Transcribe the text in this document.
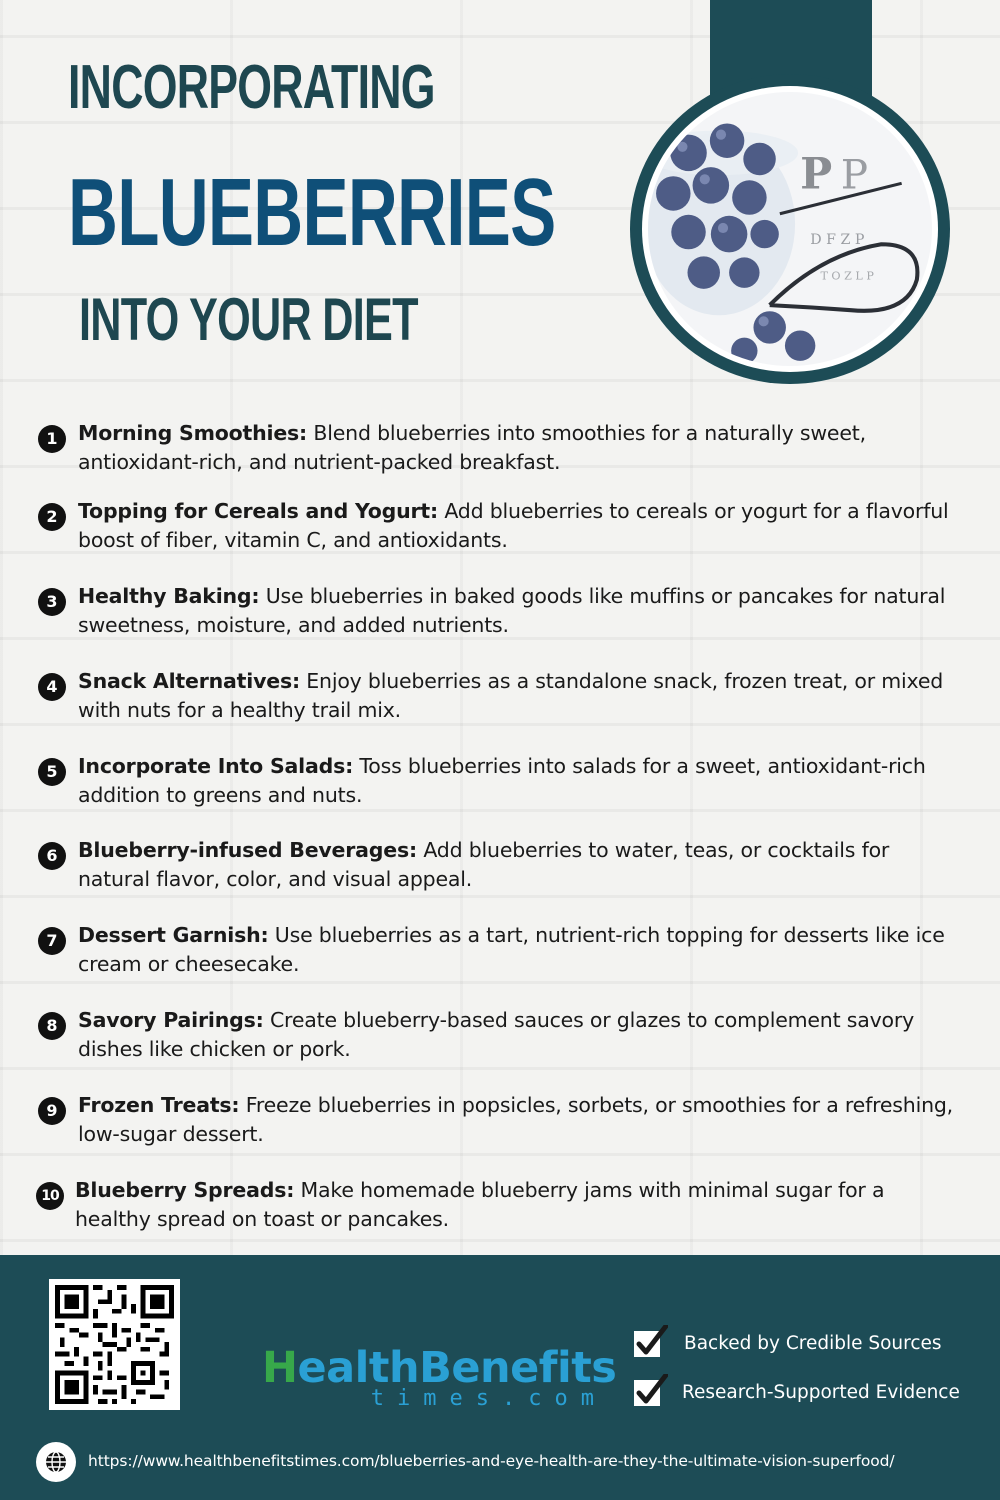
INCORPORATING
BLUEBERRIES
INTO YOUR DIET
P P
D F Z P
T O Z L P
1 Morning Smoothies: Blend blueberries into smoothies for a naturally sweet, antioxidant-rich, and nutrient-packed breakfast.
2 Topping for Cereals and Yogurt: Add blueberries to cereals or yogurt for a flavorful boost of fiber, vitamin C, and antioxidants.
3 Healthy Baking: Use blueberries in baked goods like muffins or pancakes for natural sweetness, moisture, and added nutrients.
4 Snack Alternatives: Enjoy blueberries as a standalone snack, frozen treat, or mixed with nuts for a healthy trail mix.
5 Incorporate Into Salads: Toss blueberries into salads for a sweet, antioxidant-rich addition to greens and nuts.
6 Blueberry-infused Beverages: Add blueberries to water, teas, or cocktails for natural flavor, color, and visual appeal.
7 Dessert Garnish: Use blueberries as a tart, nutrient-rich topping for desserts like ice cream or cheesecake.
8 Savory Pairings: Create blueberry-based sauces or glazes to complement savory dishes like chicken or pork.
9 Frozen Treats: Freeze blueberries in popsicles, sorbets, or smoothies for a refreshing, low-sugar dessert.
10 Blueberry Spreads: Make homemade blueberry jams with minimal sugar for a healthy spread on toast or pancakes.
HealthBenefits
times.com
Backed by Credible Sources
Research-Supported Evidence
https://www.healthbenefitstimes.com/blueberries-and-eye-health-are-they-the-ultimate-vision-superfood/
